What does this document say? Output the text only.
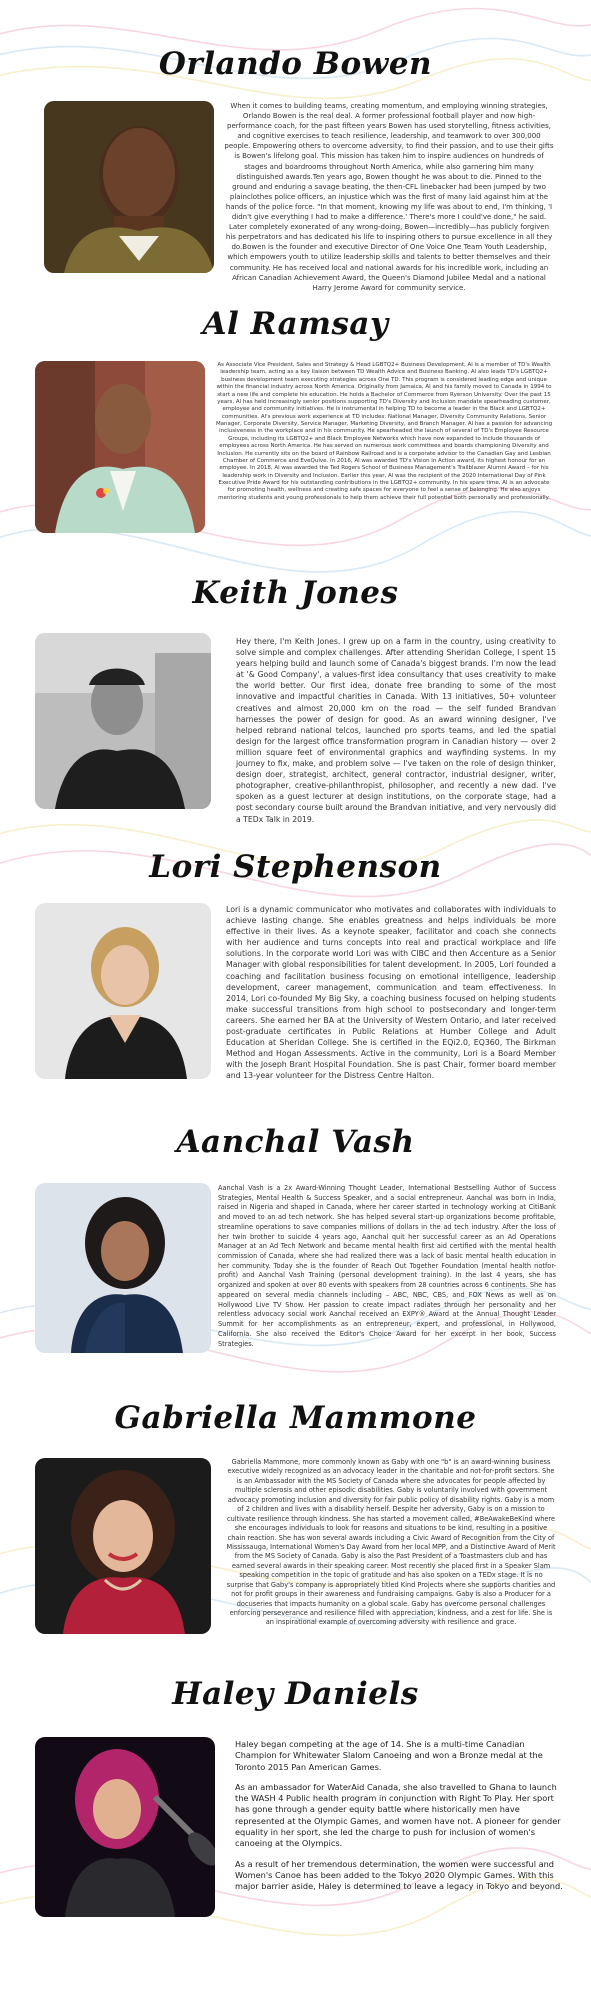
Orlando Bowen

When it comes to building teams, creating momentum, and employing winning strategies, Orlando Bowen is the real deal. A former professional football player and now high-performance coach, for the past fifteen years Bowen has used storytelling, fitness activities, and cognitive exercises to teach resilience, leadership, and teamwork to over 300,000 people. Empowering others to overcome adversity, to find their passion, and to use their gifts is Bowen's lifelong goal. This mission has taken him to inspire audiences on hundreds of stages and boardrooms throughout North America, while also garnering him many distinguished awards.Ten years ago, Bowen thought he was about to die. Pinned to the ground and enduring a savage beating, the then-CFL linebacker had been jumped by two plainclothes police officers, an injustice which was the first of many laid against him at the hands of the police force. "In that moment, knowing my life was about to end, I'm thinking, 'I didn't give everything I had to make a difference.' There's more I could've done," he said. Later completely exonerated of any wrong-doing, Bowen—incredibly—has publicly forgiven his perpetrators and has dedicated his life to inspiring others to pursue excellence in all they do.Bowen is the founder and executive Director of One Voice One Team Youth Leadership, which empowers youth to utilize leadership skills and talents to better themselves and their community. He has received local and national awards for his incredible work, including an African Canadian Achievement Award, the Queen's Diamond Jubilee Medal and a national Harry Jerome Award for community service.

Al Ramsay

As Associate Vice President, Sales and Strategy & Head LGBTQ2+ Business Development, Al is a member of TD's Wealth leadership team, acting as a key liaison between TD Wealth Advice and Business Banking. Al also leads TD's LGBTQ2+ business development team executing strategies across One TD. This program is considered leading edge and unique within the financial industry across North America. Originally from Jamaica, Al and his family moved to Canada in 1994 to start a new life and complete his education. He holds a Bachelor of Commerce from Ryerson University. Over the past 15 years, Al has held increasingly senior positions supporting TD's Diversity and Inclusion mandate spearheading customer, employee and community initiatives. He is instrumental in helping TD to become a leader in the Black and LGBTQ2+ communities. Al's previous work experience at TD includes: National Manager, Diversity Community Relations, Senior Manager, Corporate Diversity, Service Manager, Marketing Diversity, and Branch Manager. Al has a passion for advancing inclusiveness in the workplace and in his community. He spearheaded the launch of several of TD's Employee Resource Groups, including its LGBTQ2+ and Black Employee Networks which have now expanded to include thousands of employees across North America. He has served on numerous work committees and boards championing Diversity and Inclusion. He currently sits on the board of Rainbow Railroad and is a corporate advisor to the Canadian Gay and Lesbian Chamber of Commerce and EveQuive. In 2016, Al was awarded TD's Vision in Action award, its highest honour for an employee. In 2018, Al was awarded the Ted Rogers School of Business Management's Trailblazer Alumni Award – for his leadership work in Diversity and Inclusion. Earlier this year, Al was the recipient of the 2020 International Day of Pink Executive Pride Award for his outstanding contributions in the LGBTQ2+ community. In his spare time, Al is an advocate for promoting health, wellness and creating safe spaces for everyone to feel a sense of belonging. He also enjoys mentoring students and young professionals to help them achieve their full potential both personally and professionally.

Keith Jones

Hey there, I'm Keith Jones. I grew up on a farm in the country, using creativity to solve simple and complex challenges. After attending Sheridan College, I spent 15 years helping build and launch some of Canada's biggest brands. I'm now the lead at '& Good Company', a values-first idea consultancy that uses creativity to make the world better. Our first idea, donate free branding to some of the most innovative and impactful charities in Canada. With 13 initiatives, 50+ volunteer creatives and almost 20,000 km on the road — the self funded Brandvan harnesses the power of design for good. As an award winning designer, I've helped rebrand national telcos, launched pro sports teams, and led the spatial design for the largest office transformation program in Canadian history — over 2 million square feet of environmental graphics and wayfinding systems. In my journey to fix, make, and problem solve — I've taken on the role of design thinker, design doer, strategist, architect, general contractor, industrial designer, writer, photographer, creative-philanthropist, philosopher, and recently a new dad. I've spoken as a guest lecturer at design institutions, on the corporate stage, had a post secondary course built around the Brandvan initiative, and very nervously did a TEDx Talk in 2019.

Lori Stephenson

Lori is a dynamic communicator who motivates and collaborates with individuals to achieve lasting change. She enables greatness and helps individuals be more effective in their lives. As a keynote speaker, facilitator and coach she connects with her audience and turns concepts into real and practical workplace and life solutions. In the corporate world Lori was with CIBC and then Accenture as a Senior Manager with global responsibilities for talent development. In 2005, Lori founded a coaching and facilitation business focusing on emotional intelligence, leadership development, career management, communication and team effectiveness. In 2014, Lori co-founded My Big Sky, a coaching business focused on helping students make successful transitions from high school to postsecondary and longer-term careers. She earned her BA at the University of Western Ontario, and later received post-graduate certificates in Public Relations at Humber College and Adult Education at Sheridan College. She is certified in the EQi2.0, EQ360, The Birkman Method and Hogan Assessments. Active in the community, Lori is a Board Member with the Joseph Brant Hospital Foundation. She is past Chair, former board member and 13-year volunteer for the Distress Centre Halton.

Aanchal Vash

Aanchal Vash is a 2x Award-Winning Thought Leader, International Bestselling Author of Success Strategies, Mental Health & Success Speaker, and a social entrepreneur. Aanchal was born in India, raised in Nigeria and shaped in Canada, where her career started in technology working at CitiBank and moved to an ad tech network. She has helped several start-up organizations become profitable, streamline operations to save companies millions of dollars in the ad tech industry. After the loss of her twin brother to suicide 4 years ago, Aanchal quit her successful career as an Ad Operations Manager at an Ad Tech Network and became mental health first aid certified with the mental health commission of Canada, where she had realized there was a lack of basic mental health education in her community. Today she is the founder of Reach Out Together Foundation (mental health notfor-profit) and Aanchal Vash Training (personal development training). In the last 4 years, she has organized and spoken at over 80 events with speakers from 28 countries across 6 continents. She has appeared on several media channels including – ABC, NBC, CBS, and FOX News as well as on Hollywood Live TV Show. Her passion to create impact radiates through her personality and her relentless advocacy social work Aanchal received an EXPY® Award at the Annual Thought Leader Summit for her accomplishments as an entrepreneur, expert, and professional, in Hollywood, California. She also received the Editor's Choice Award for her excerpt in her book, Success Strategies.

Gabriella Mammone

Gabriella Mammone, more commonly known as Gaby with one "b" is an award-winning business executive widely recognized as an advocacy leader in the charitable and not-for-profit sectors. She is an Ambassador with the MS Society of Canada where she advocates for people affected by multiple sclerosis and other episodic disabilities. Gaby is voluntarily involved with government advocacy promoting inclusion and diversity for fair public policy of disability rights. Gaby is a mom of 2 children and lives with a disability herself. Despite her adversity, Gaby is on a mission to cultivate resilience through kindness. She has started a movement called, #BeAwakeBeKind where she encourages individuals to look for reasons and situations to be kind, resulting in a positive chain reaction. She has won several awards including a Civic Award of Recognition from the City of Mississauga, International Women's Day Award from her local MPP, and a Distinctive Award of Merit from the MS Society of Canada. Gaby is also the Past President of a Toastmasters club and has earned several awards in their speaking career. Most recently she placed first in a Speaker Slam speaking competition in the topic of gratitude and has also spoken on a TEDx stage. It is no surprise that Gaby's company is appropriately titled Kind Projects where she supports charities and not for profit groups in their awareness and fundraising campaigns. Gaby is also a Producer for a docuseries that impacts humanity on a global scale. Gaby has overcome personal challenges enforcing perseverance and resilience filled with appreciation, kindness, and a zest for life. She is an inspirational example of overcoming adversity with resilience and grace.

Haley Daniels

Haley began competing at the age of 14. She is a multi-time Canadian Champion for Whitewater Slalom Canoeing and won a Bronze medal at the Toronto 2015 Pan American Games.

As an ambassador for WaterAid Canada, she also travelled to Ghana to launch the WASH 4 Public health program in conjunction with Right To Play. Her sport has gone through a gender equity battle where historically men have represented at the Olympic Games, and women have not. A pioneer for gender equality in her sport, she led the charge to push for inclusion of women's canoeing at the Olympics.

As a result of her tremendous determination, the women were successful and Women's Canoe has been added to the Tokyo 2020 Olympic Games. With this major barrier aside, Haley is determined to leave a legacy in Tokyo and beyond.
